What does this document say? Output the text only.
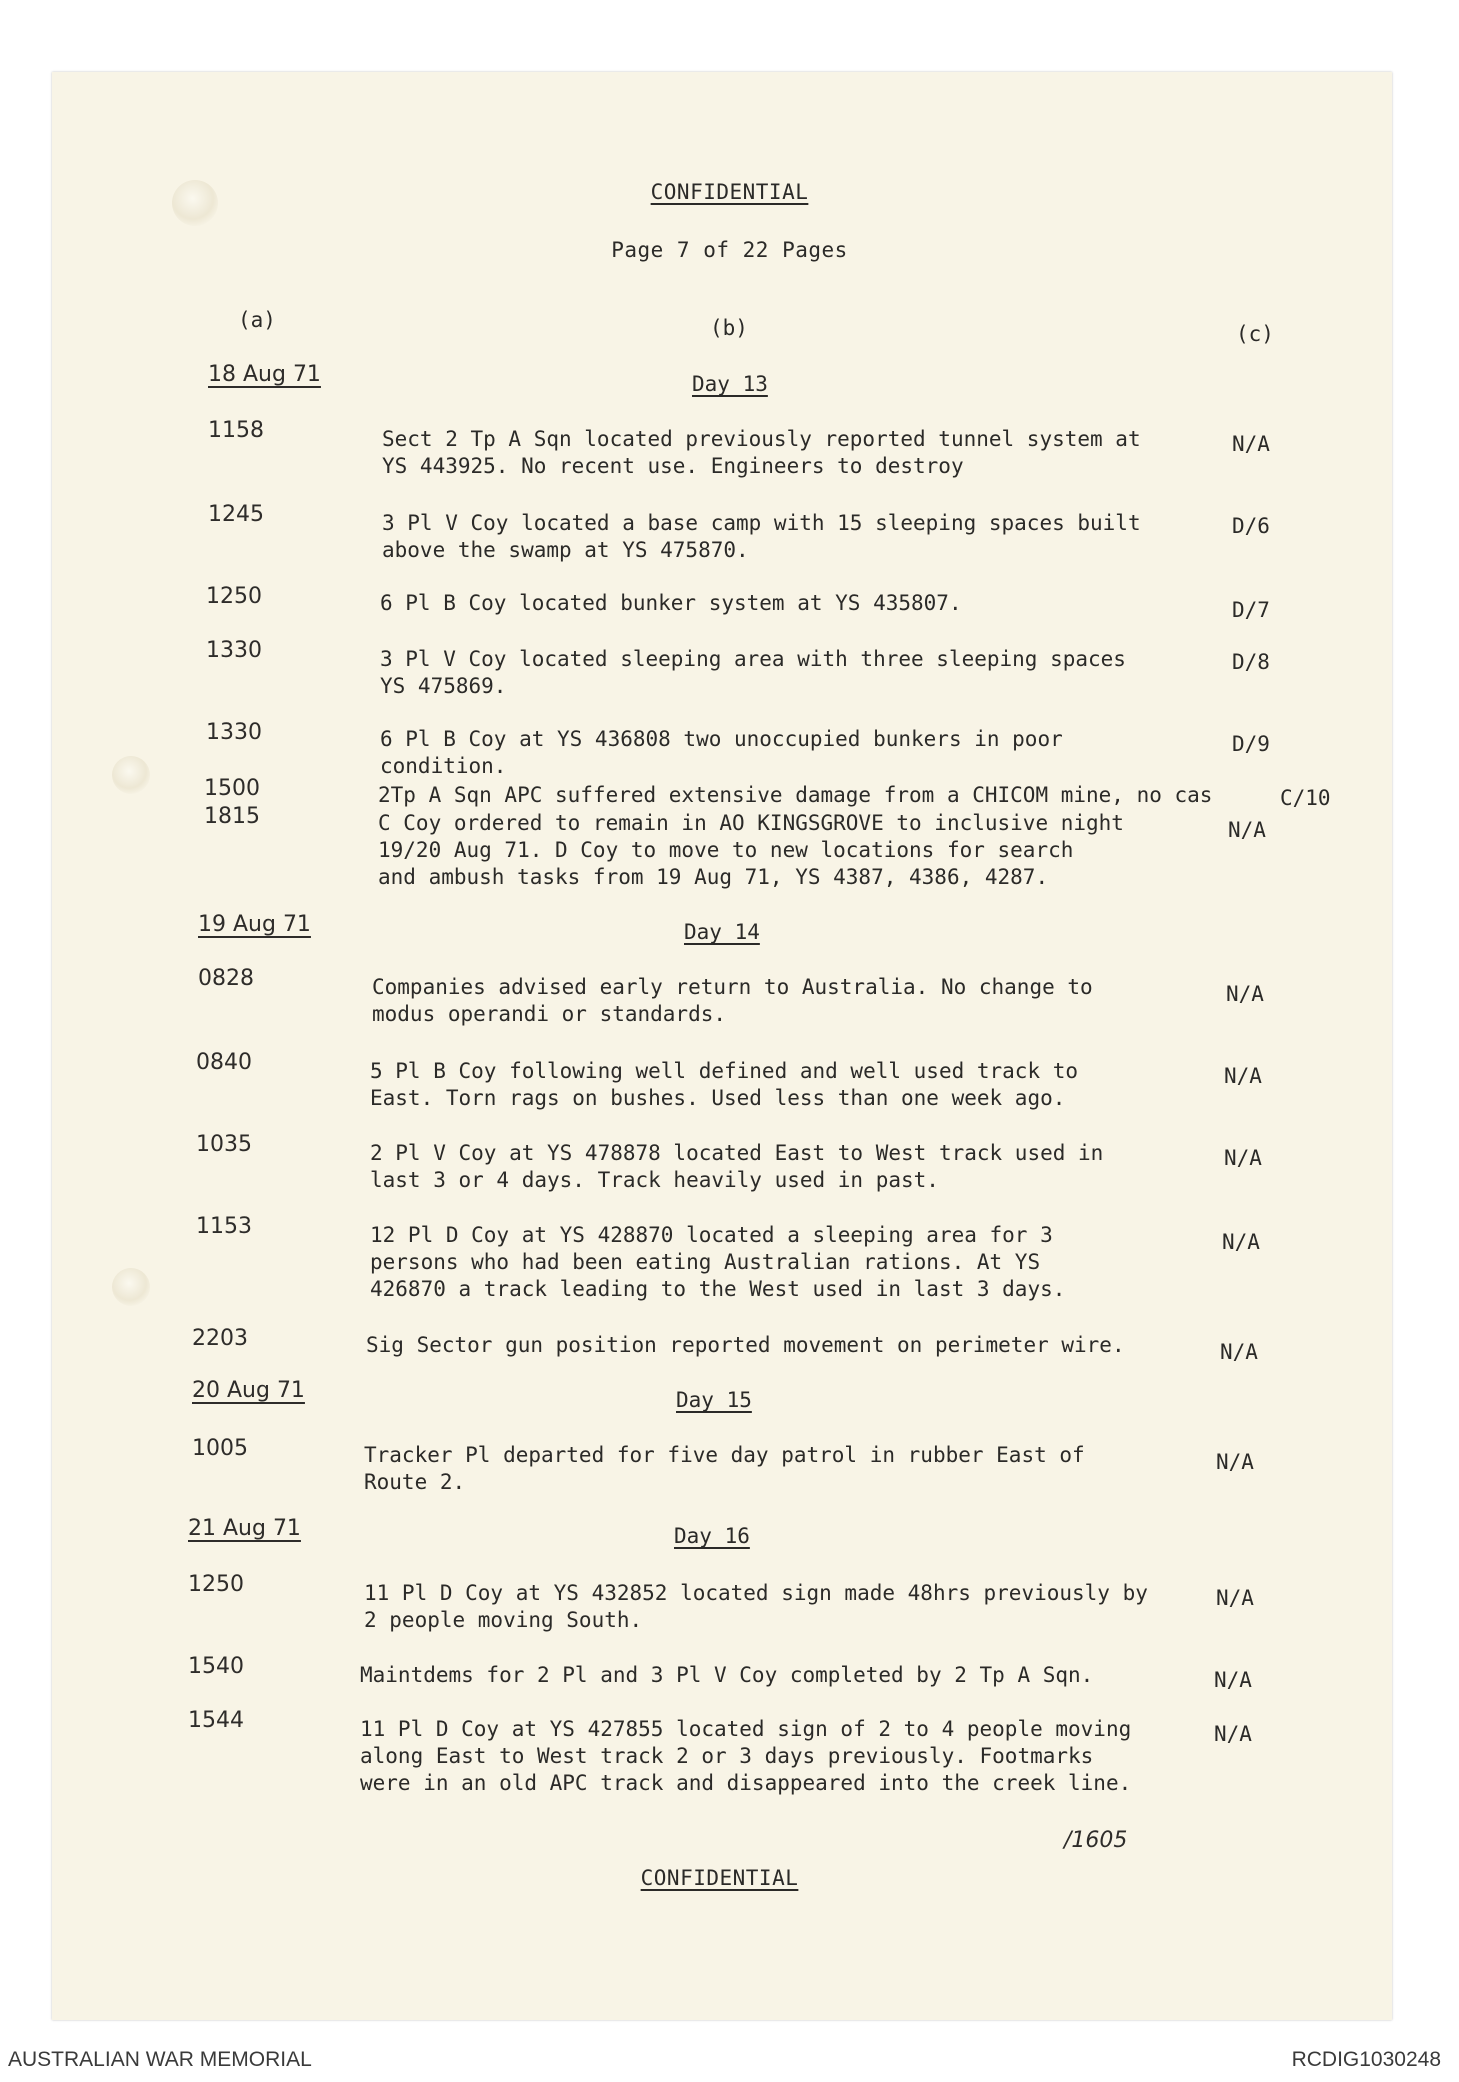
CONFIDENTIAL
Page 7 of 22 Pages
(a)	(b)	(c)
18 Aug 71	Day 13
1158	Sect 2 Tp A Sqn located previously reported tunnel system at
YS 443925. No recent use. Engineers to destroy
N/A
1245	3 Pl V Coy located a base camp with 15 sleeping spaces built
above the swamp at YS 475870.
D/6
1250	6 Pl B Coy located bunker system at YS 435807.	D/7
1330	3 Pl V Coy located sleeping area with three sleeping spaces
YS 475869.
D/8
1330	6 Pl B Coy at YS 436808 two unoccupied bunkers in poor
condition.
D/9
1500	2Tp A Sqn APC suffered extensive damage from a CHICOM mine, no cas	C/10
1815	C Coy ordered to remain in AO KINGSGROVE to inclusive night
19/20 Aug 71. D Coy to move to new locations for search
and ambush tasks from 19 Aug 71, YS 4387, 4386, 4287.
N/A
19 Aug 71	Day 14
0828	Companies advised early return to Australia. No change to
modus operandi or standards.
N/A
0840	5 Pl B Coy following well defined and well used track to
East. Torn rags on bushes. Used less than one week ago.
N/A
1035	2 Pl V Coy at YS 478878 located East to West track used in
last 3 or 4 days. Track heavily used in past.
N/A
1153	12 Pl D Coy at YS 428870 located a sleeping area for 3
persons who had been eating Australian rations. At YS
426870 a track leading to the West used in last 3 days.
N/A
2203	Sig Sector gun position reported movement on perimeter wire.	N/A
20 Aug 71	Day 15
1005	Tracker Pl departed for five day patrol in rubber East of
Route 2.
N/A
21 Aug 71	Day 16
1250	11 Pl D Coy at YS 432852 located sign made 48hrs previously by
2 people moving South.
N/A
1540	Maintdems for 2 Pl and 3 Pl V Coy completed by 2 Tp A Sqn.	N/A
1544	11 Pl D Coy at YS 427855 located sign of 2 to 4 people moving
along East to West track 2 or 3 days previously. Footmarks
were in an old APC track and disappeared into the creek line.
N/A
/1605
CONFIDENTIAL
AUSTRALIAN WAR MEMORIAL	RCDIG1030248
